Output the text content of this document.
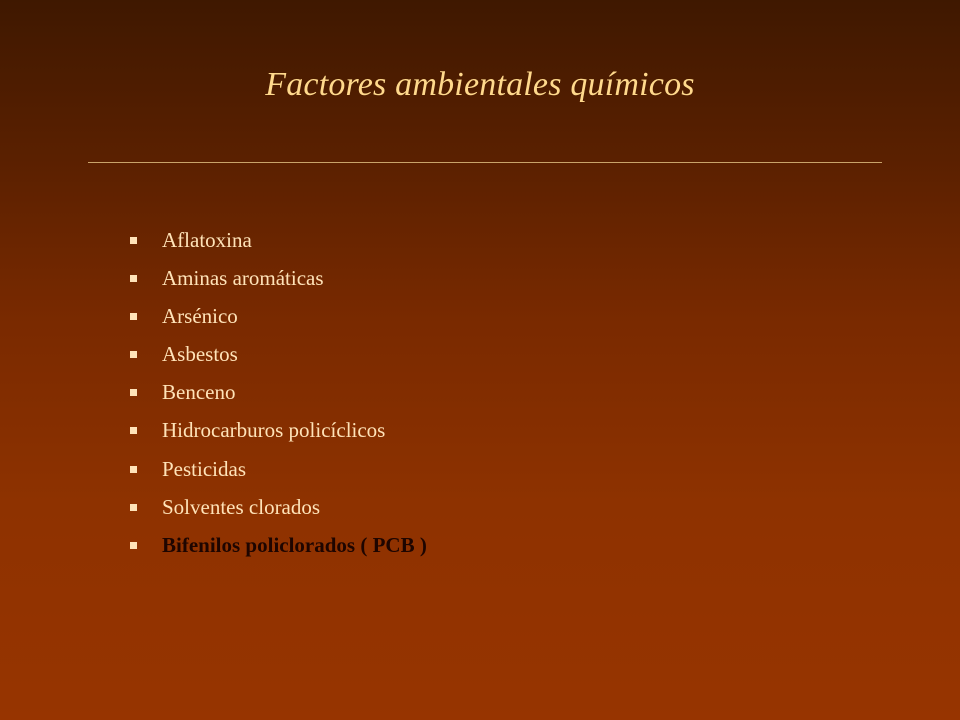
Factores ambientales químicos
Aflatoxina
Aminas aromáticas
Arsénico
Asbestos
Benceno
Hidrocarburos policíclicos
Pesticidas
Solventes clorados
Bifenilos policlorados ( PCB )
